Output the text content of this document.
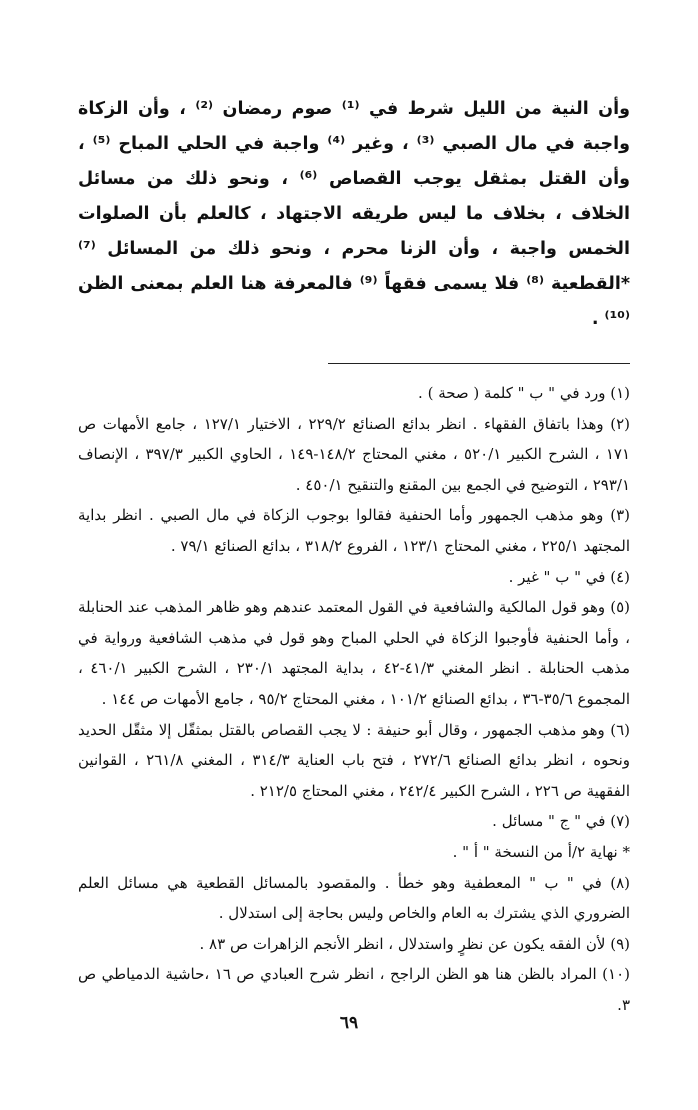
وأن النية من الليل شرط في ⁽¹⁾ صوم رمضان ⁽²⁾ ، وأن الزكاة واجبة في مال الصبي ⁽³⁾ ، وغير ⁽⁴⁾ واجبة في الحلي المباح ⁽⁵⁾ ، وأن القتل بمثقل يوجب القصاص ⁽⁶⁾ ، ونحو ذلك من مسائل الخلاف ، بخلاف ما ليس طريقه الاجتهاد ، كالعلم بأن الصلوات الخمس واجبة ، وأن الزنا محرم ، ونحو ذلك من المسائل ⁽⁷⁾ *القطعية ⁽⁸⁾ فلا يسمى فقهاً ⁽⁹⁾ فالمعرفة هنا العلم بمعنى الظن ⁽¹⁰⁾ .

(١) ورد في " ب " كلمة ( صحة ) .

(٢) وهذا باتفاق الفقهاء . انظر بدائع الصنائع ٢٢٩/٢ ، الاختيار ١٢٧/١ ، جامع الأمهات ص ١٧١ ، الشرح الكبير ٥٢٠/١ ، مغني المحتاج ١٤٨/٢-١٤٩ ، الحاوي الكبير ٣٩٧/٣ ، الإنصاف ٢٩٣/١ ، التوضيح في الجمع بين المقنع والتنقيح ٤٥٠/١ .

(٣) وهو مذهب الجمهور وأما الحنفية فقالوا بوجوب الزكاة في مال الصبي . انظر بداية المجتهد ٢٢٥/١ ، مغني المحتاج ١٢٣/١ ، الفروع ٣١٨/٢ ، بدائع الصنائع ٧٩/١ .

(٤) في " ب " غير .

(٥) وهو قول المالكية والشافعية في القول المعتمد عندهم وهو ظاهر المذهب عند الحنابلة ، وأما الحنفية فأوجبوا الزكاة في الحلي المباح وهو قول في مذهب الشافعية ورواية في مذهب الحنابلة . انظر المغني ٤١/٣-٤٢ ، بداية المجتهد ٢٣٠/١ ، الشرح الكبير ٤٦٠/١ ، المجموع ٣٥/٦-٣٦ ، بدائع الصنائع ١٠١/٢ ، مغني المحتاج ٩٥/٢ ، جامع الأمهات ص ١٤٤ .

(٦) وهو مذهب الجمهور ، وقال أبو حنيفة : لا يجب القصاص بالقتل بمثقّل إلا مثقّل الحديد ونحوه ، انظر بدائع الصنائع ٢٧٢/٦ ، فتح باب العناية ٣١٤/٣ ، المغني ٢٦١/٨ ، القوانين الفقهية ص ٢٢٦ ، الشرح الكبير ٢٤٢/٤ ، مغني المحتاج ٢١٢/٥ .

(٧) في " ج " مسائل .

* نهاية ٢/أ من النسخة " أ " .

(٨) في " ب " المعطفية وهو خطأ . والمقصود بالمسائل القطعية هي مسائل العلم الضروري الذي يشترك به العام والخاص وليس بحاجة إلى استدلال .

(٩) لأن الفقه يكون عن نظرٍ واستدلال ، انظر الأنجم الزاهرات ص ٨٣ .

(١٠) المراد بالظن هنا هو الظن الراجح ، انظر شرح العبادي ص ١٦ ،حاشية الدمياطي ص ٣.

٦٩
